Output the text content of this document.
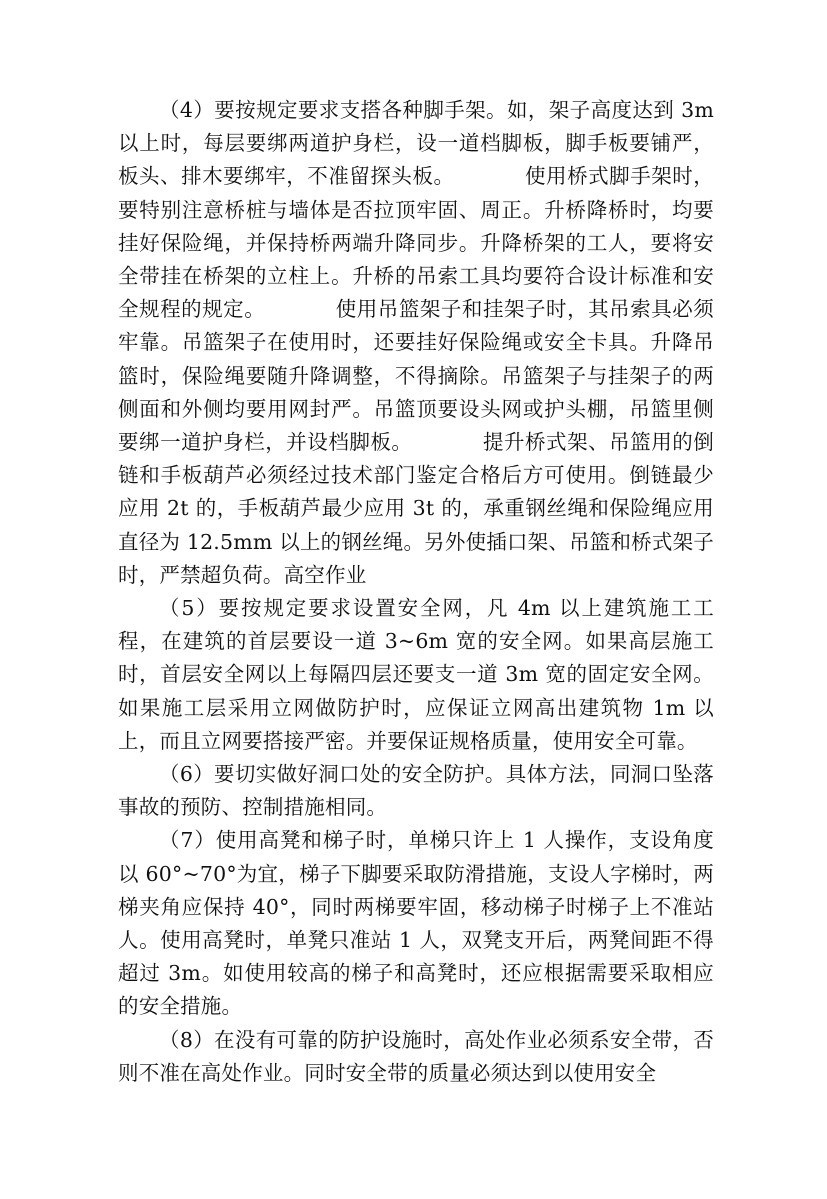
（4）要按规定要求支搭各种脚手架。如，架子高度达到 3m 以上时，每层要绑两道护身栏，设一道档脚板，脚手板要铺严，板头、排木要绑牢，不准留探头板。          使用桥式脚手架时，要特别注意桥桩与墙体是否拉顶牢固、周正。升桥降桥时，均要挂好保险绳，并保持桥两端升降同步。升降桥架的工人，要将安全带挂在桥架的立柱上。升桥的吊索工具均要符合设计标准和安全规程的规定。          使用吊篮架子和挂架子时，其吊索具必须牢靠。吊篮架子在使用时，还要挂好保险绳或安全卡具。升降吊篮时，保险绳要随升降调整，不得摘除。吊篮架子与挂架子的两侧面和外侧均要用网封严。吊篮顶要设头网或护头棚，吊篮里侧要绑一道护身栏，并设档脚板。          提升桥式架、吊篮用的倒链和手板葫芦必须经过技术部门鉴定合格后方可使用。倒链最少应用 2t 的，手板葫芦最少应用 3t 的，承重钢丝绳和保险绳应用直径为 12.5mm 以上的钢丝绳。另外使插口架、吊篮和桥式架子时，严禁超负荷。高空作业

（5）要按规定要求设置安全网，凡 4m 以上建筑施工工程，在建筑的首层要设一道 3~6m 宽的安全网。如果高层施工时，首层安全网以上每隔四层还要支一道 3m 宽的固定安全网。如果施工层采用立网做防护时，应保证立网高出建筑物 1m 以上，而且立网要搭接严密。并要保证规格质量，使用安全可靠。

（6）要切实做好洞口处的安全防护。具体方法，同洞口坠落事故的预防、控制措施相同。

（7）使用高凳和梯子时，单梯只许上 1 人操作，支设角度以 60°~70°为宜，梯子下脚要采取防滑措施，支设人字梯时，两梯夹角应保持 40°，同时两梯要牢固，移动梯子时梯子上不准站人。使用高凳时，单凳只准站 1 人，双凳支开后，两凳间距不得超过 3m。如使用较高的梯子和高凳时，还应根据需要采取相应的安全措施。

（8）在没有可靠的防护设施时，高处作业必须系安全带，否则不准在高处作业。同时安全带的质量必须达到以使用安全
